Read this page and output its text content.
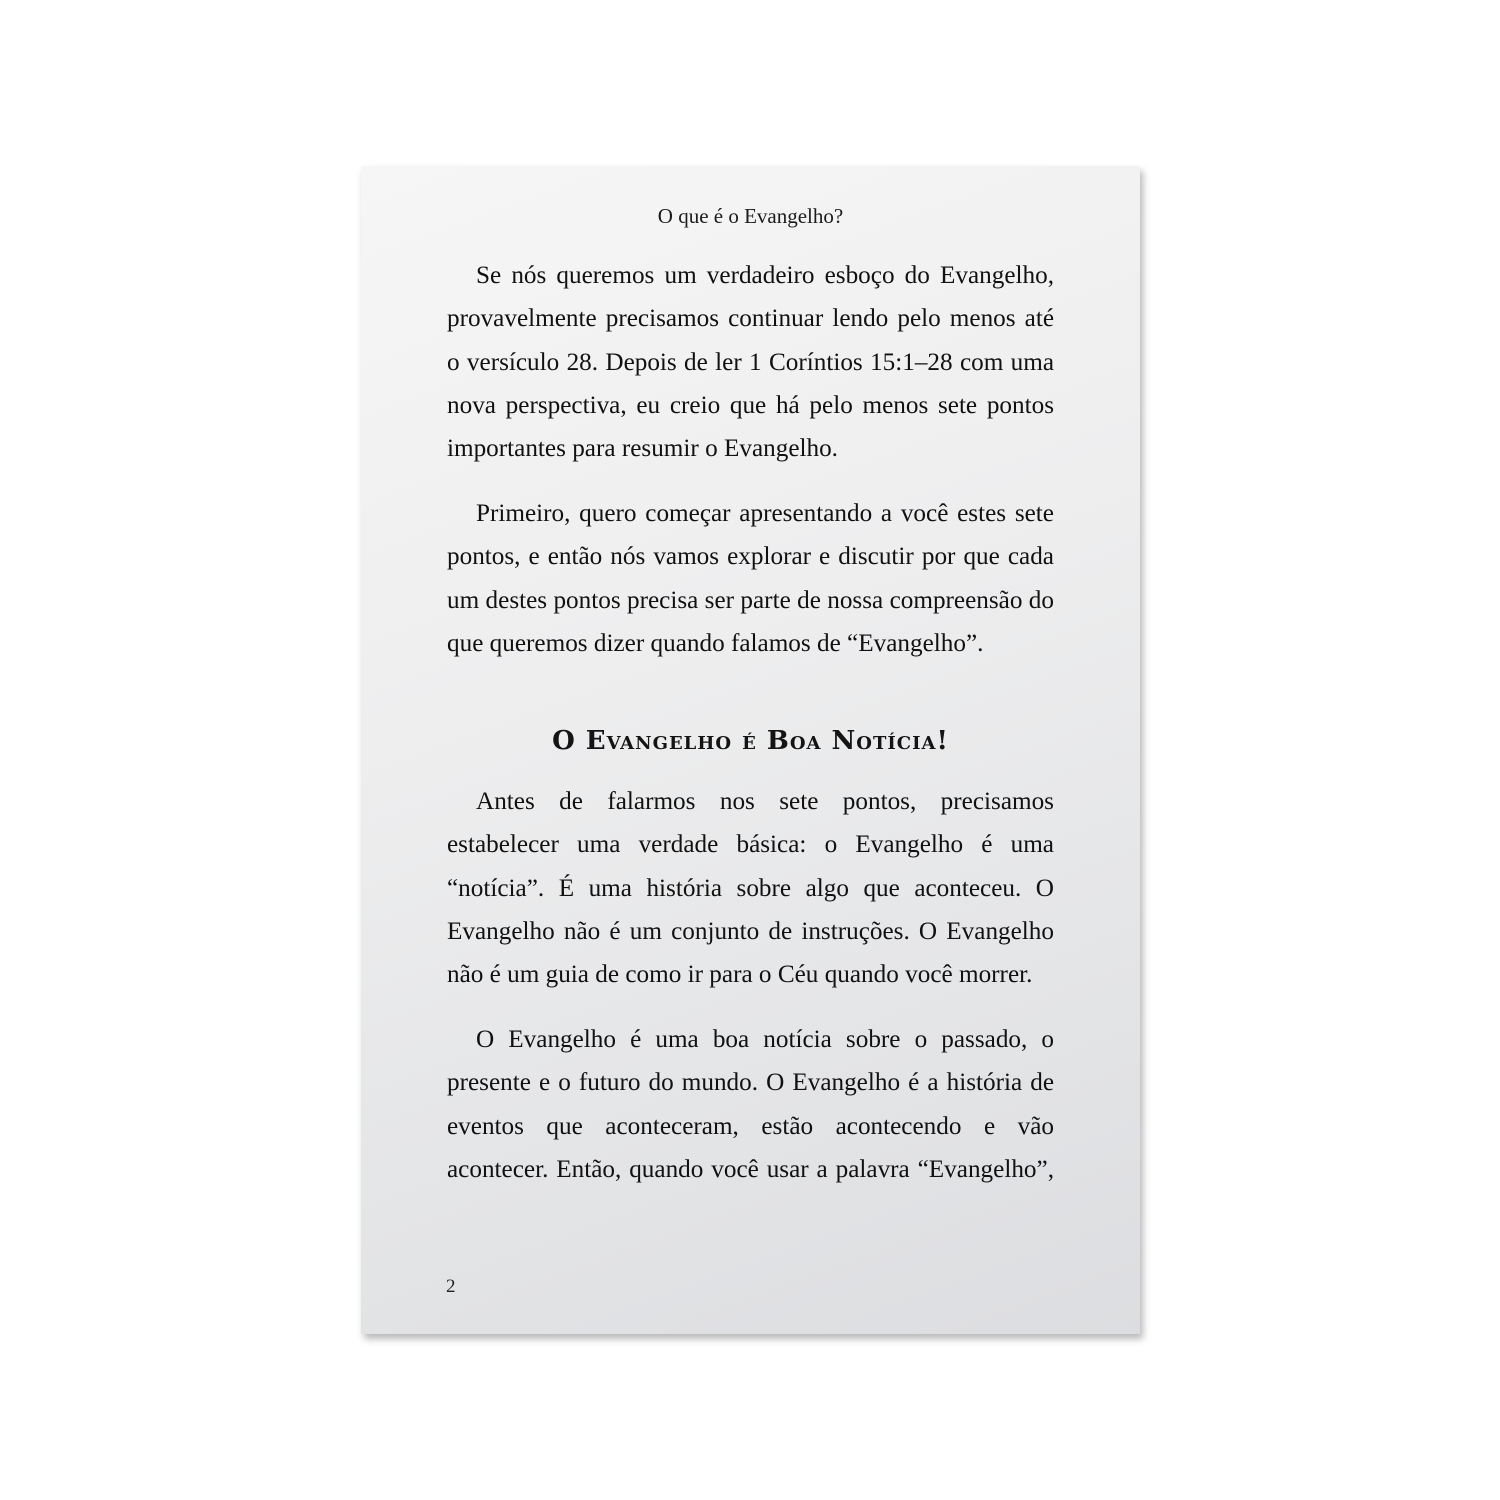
O que é o Evangelho?

Se nós queremos um verdadeiro esboço do Evangelho, provavelmente precisamos continuar lendo pelo menos até o versículo 28. Depois de ler 1 Coríntios 15:1–28 com uma nova perspectiva, eu creio que há pelo menos sete pontos importantes para resumir o Evangelho.

Primeiro, quero começar apresentando a você estes sete pontos, e então nós vamos explorar e discutir por que cada um destes pontos precisa ser parte de nossa compreensão do que queremos dizer quando falamos de “Evangelho”.

O Evangelho é Boa Notícia!

Antes de falarmos nos sete pontos, precisamos estabelecer uma verdade básica: o Evangelho é uma “notícia”. É uma história sobre algo que aconteceu. O Evangelho não é um conjunto de instruções. O Evangelho não é um guia de como ir para o Céu quando você morrer.

O Evangelho é uma boa notícia sobre o passado, o presente e o futuro do mundo. O Evangelho é a história de eventos que aconteceram, estão acontecendo e vão acontecer. Então, quando você usar a palavra “Evangelho”,

2
